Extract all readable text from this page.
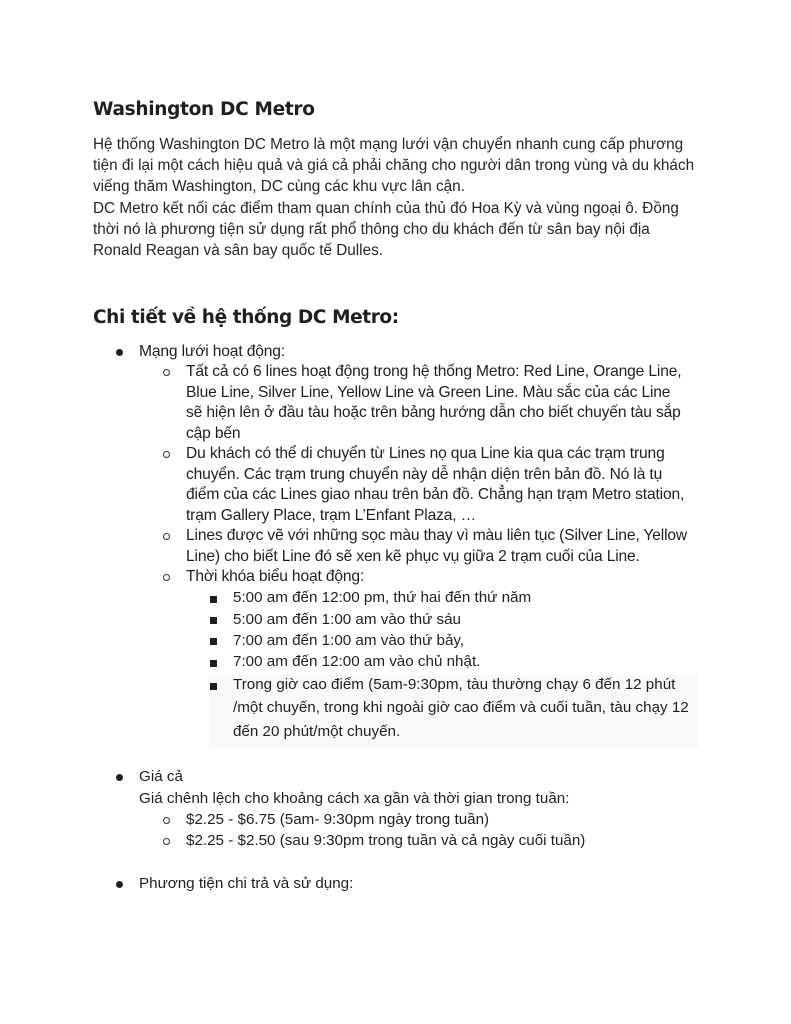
Washington DC Metro

Hệ thống Washington DC Metro là một mạng lưới vận chuyển nhanh cung cấp phương
tiện đi lại một cách hiệu quả và giá cả phải chăng cho người dân trong vùng và du khách
viếng thăm Washington, DC cùng các khu vực lân cận.

DC Metro kết nối các điểm tham quan chính của thủ đó Hoa Kỳ và vùng ngoại ô. Đồng
thời nó là phương tiện sử dụng rất phổ thông cho du khách đến từ sân bay nội địa
Ronald Reagan và sân bay quốc tế Dulles.

Chi tiết về hệ thống DC Metro:
Mạng lưới hoạt động:
Tất cả có 6 lines hoạt động trong hệ thống Metro: Red Line, Orange Line,
Blue Line, Silver Line, Yellow Line và Green Line. Màu sắc của các Line
sẽ hiện lên ở đầu tàu hoặc trên bảng hướng dẫn cho biết chuyến tàu sắp
cập bến
Du khách có thể di chuyển từ Lines nọ qua Line kia qua các trạm trung
chuyển. Các trạm trung chuyển này dễ nhận diện trên bản đồ. Nó là tụ
điểm của các Lines giao nhau trên bản đồ. Chẳng hạn trạm Metro station,
trạm Gallery Place, trạm L’Enfant Plaza, …
Lines được vẽ với những sọc màu thay vì màu liên tục (Silver Line, Yellow
Line) cho biết Line đó sẽ xen kẽ phục vụ giữa 2 trạm cuối của Line.
Thời khóa biểu hoạt động:
5:00 am đến 12:00 pm, thứ hai đến thứ năm
5:00 am đến 1:00 am vào thứ sáu
7:00 am đến 1:00 am vào thứ bảy,
7:00 am đến 12:00 am vào chủ nhật.
Trong giờ cao điểm (5am-9:30pm, tàu thường chạy 6 đến 12 phút
/một chuyến, trong khi ngoài giờ cao điểm và cuối tuần, tàu chạy 12
đến 20 phút/một chuyến.
Giá cả
Giá chênh lệch cho khoảng cách xa gần và thời gian trong tuần:
$2.25 - $6.75 (5am- 9:30pm ngày trong tuần)
$2.25 - $2.50 (sau 9:30pm trong tuần và cả ngày cuối tuần)
Phương tiện chi trả và sử dụng:
